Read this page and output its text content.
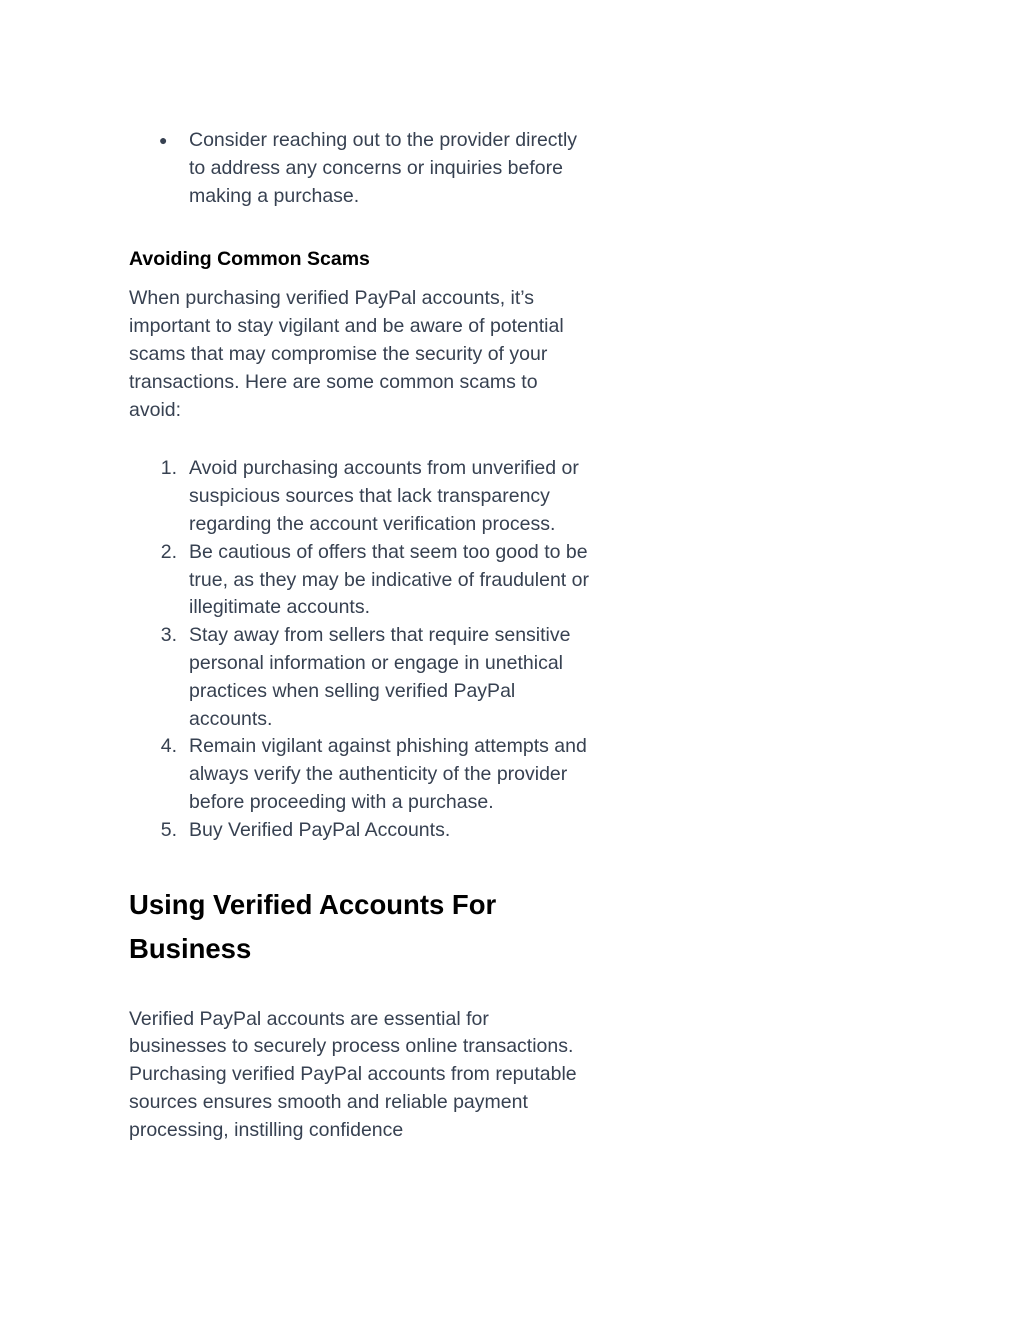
● Consider reaching out to the provider directly to address any concerns or inquiries before making a purchase.
Avoiding Common Scams

When purchasing verified PayPal accounts, it’s important to stay vigilant and be aware of potential scams that may compromise the security of your transactions. Here are some common scams to avoid:

1. Avoid purchasing accounts from unverified or suspicious sources that lack transparency regarding the account verification process.
2. Be cautious of offers that seem too good to be true, as they may be indicative of fraudulent or illegitimate accounts.
3. Stay away from sellers that require sensitive personal information or engage in unethical practices when selling verified PayPal accounts.
4. Remain vigilant against phishing attempts and always verify the authenticity of the provider before proceeding with a purchase.
5. Buy Verified PayPal Accounts.
Using Verified Accounts For Business

Verified PayPal accounts are essential for businesses to securely process online transactions. Purchasing verified PayPal accounts from reputable sources ensures smooth and reliable payment processing, instilling confidence
